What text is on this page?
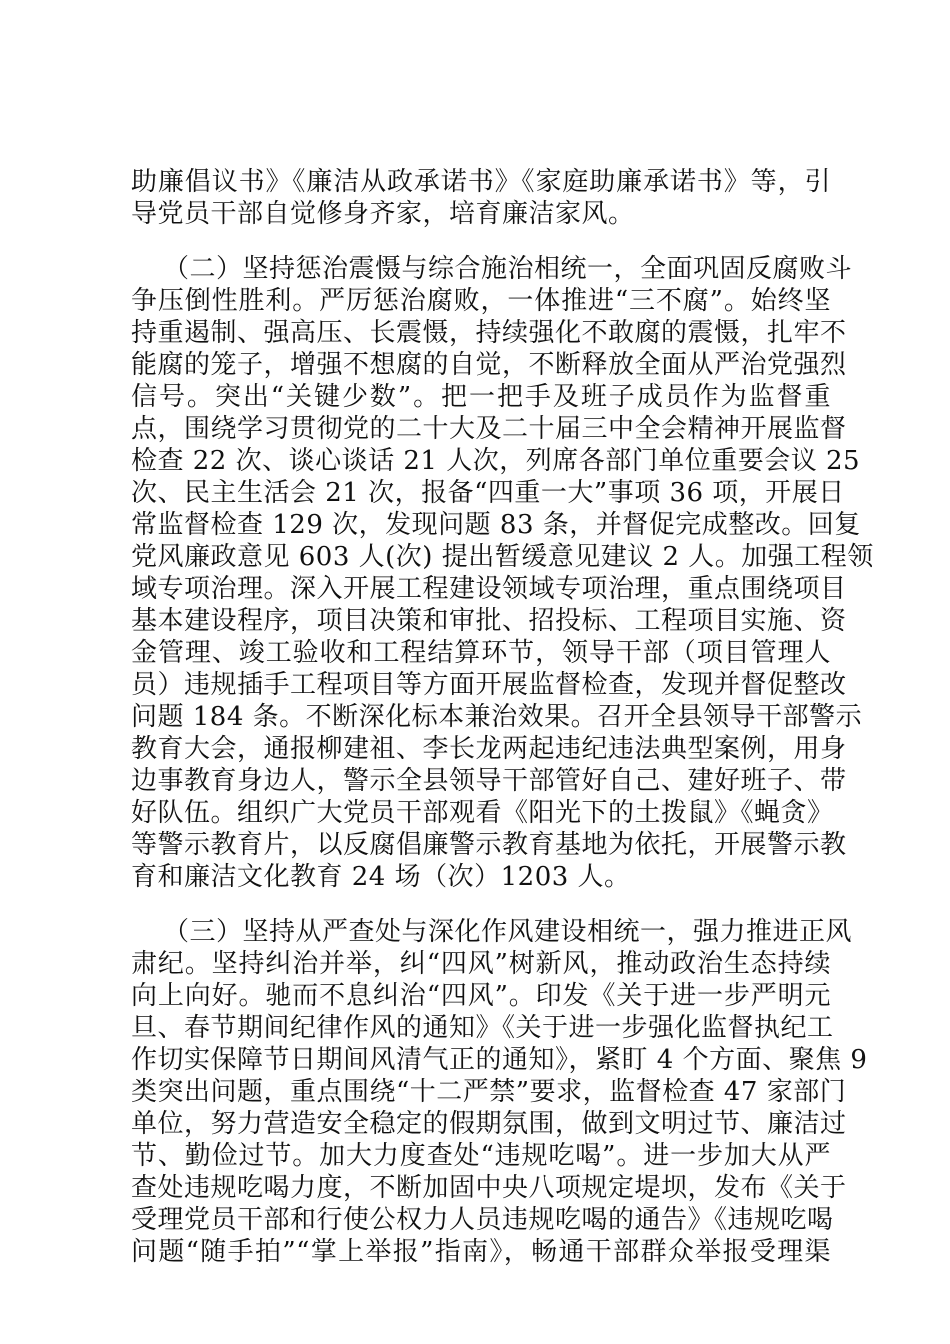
助廉倡议书》《廉洁从政承诺书》《家庭助廉承诺书》等，引

导党员干部自觉修身齐家，培育廉洁家风。

（二）坚持惩治震慑与综合施治相统一，全面巩固反腐败斗

争压倒性胜利。严厉惩治腐败，一体推进“三不腐”。始终坚

持重遏制、强高压、长震慑，持续强化不敢腐的震慑，扎牢不

能腐的笼子，增强不想腐的自觉，不断释放全面从严治党强烈

信号。突出“关键少数”。把一把手及班子成员作为监督重

点，围绕学习贯彻党的二十大及二十届三中全会精神开展监督

检查 22 次、谈心谈话 21 人次，列席各部门单位重要会议 25

次、民主生活会 21 次，报备“四重一大”事项 36 项，开展日

常监督检查 129 次，发现问题 83 条，并督促完成整改。回复

党风廉政意见 603 人(次) 提出暂缓意见建议 2 人。加强工程领

域专项治理。深入开展工程建设领域专项治理，重点围绕项目

基本建设程序，项目决策和审批、招投标、工程项目实施、资

金管理、竣工验收和工程结算环节，领导干部（项目管理人

员）违规插手工程项目等方面开展监督检查，发现并督促整改

问题 184 条。不断深化标本兼治效果。召开全县领导干部警示

教育大会，通报柳建祖、李长龙两起违纪违法典型案例，用身

边事教育身边人，警示全县领导干部管好自己、建好班子、带

好队伍。组织广大党员干部观看《阳光下的土拨鼠》《蝇贪》

等警示教育片，以反腐倡廉警示教育基地为依托，开展警示教

育和廉洁文化教育 24 场（次）1203 人。

（三）坚持从严查处与深化作风建设相统一，强力推进正风

肃纪。坚持纠治并举，纠“四风”树新风，推动政治生态持续

向上向好。驰而不息纠治“四风”。印发《关于进一步严明元

旦、春节期间纪律作风的通知》《关于进一步强化监督执纪工

作切实保障节日期间风清气正的通知》，紧盯 4 个方面、聚焦 9

类突出问题，重点围绕“十二严禁”要求，监督检查 47 家部门

单位，努力营造安全稳定的假期氛围，做到文明过节、廉洁过

节、勤俭过节。加大力度查处“违规吃喝”。进一步加大从严

查处违规吃喝力度，不断加固中央八项规定堤坝，发布《关于

受理党员干部和行使公权力人员违规吃喝的通告》《违规吃喝

问题“随手拍”“掌上举报”指南》，畅通干部群众举报受理渠
